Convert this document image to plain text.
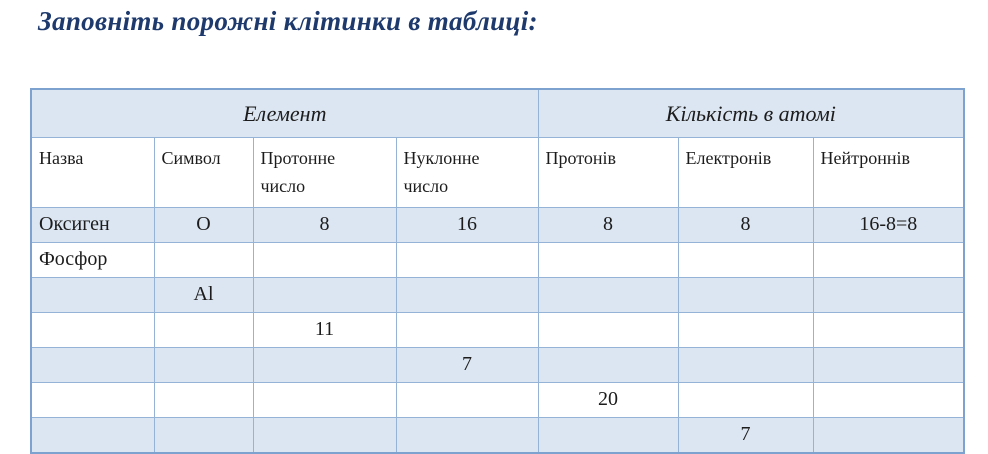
Заповніть порожні клітинки в таблиці:
Елемент				Кількість в атомі		
Назва	Символ	Протонне число	Нуклонне число	Протонів	Електронів	Нейтроннів
Оксиген	O	8	16	8	8	16-8=8
Фосфор						
	Al					
		11				
			7			
				20		
					7	
